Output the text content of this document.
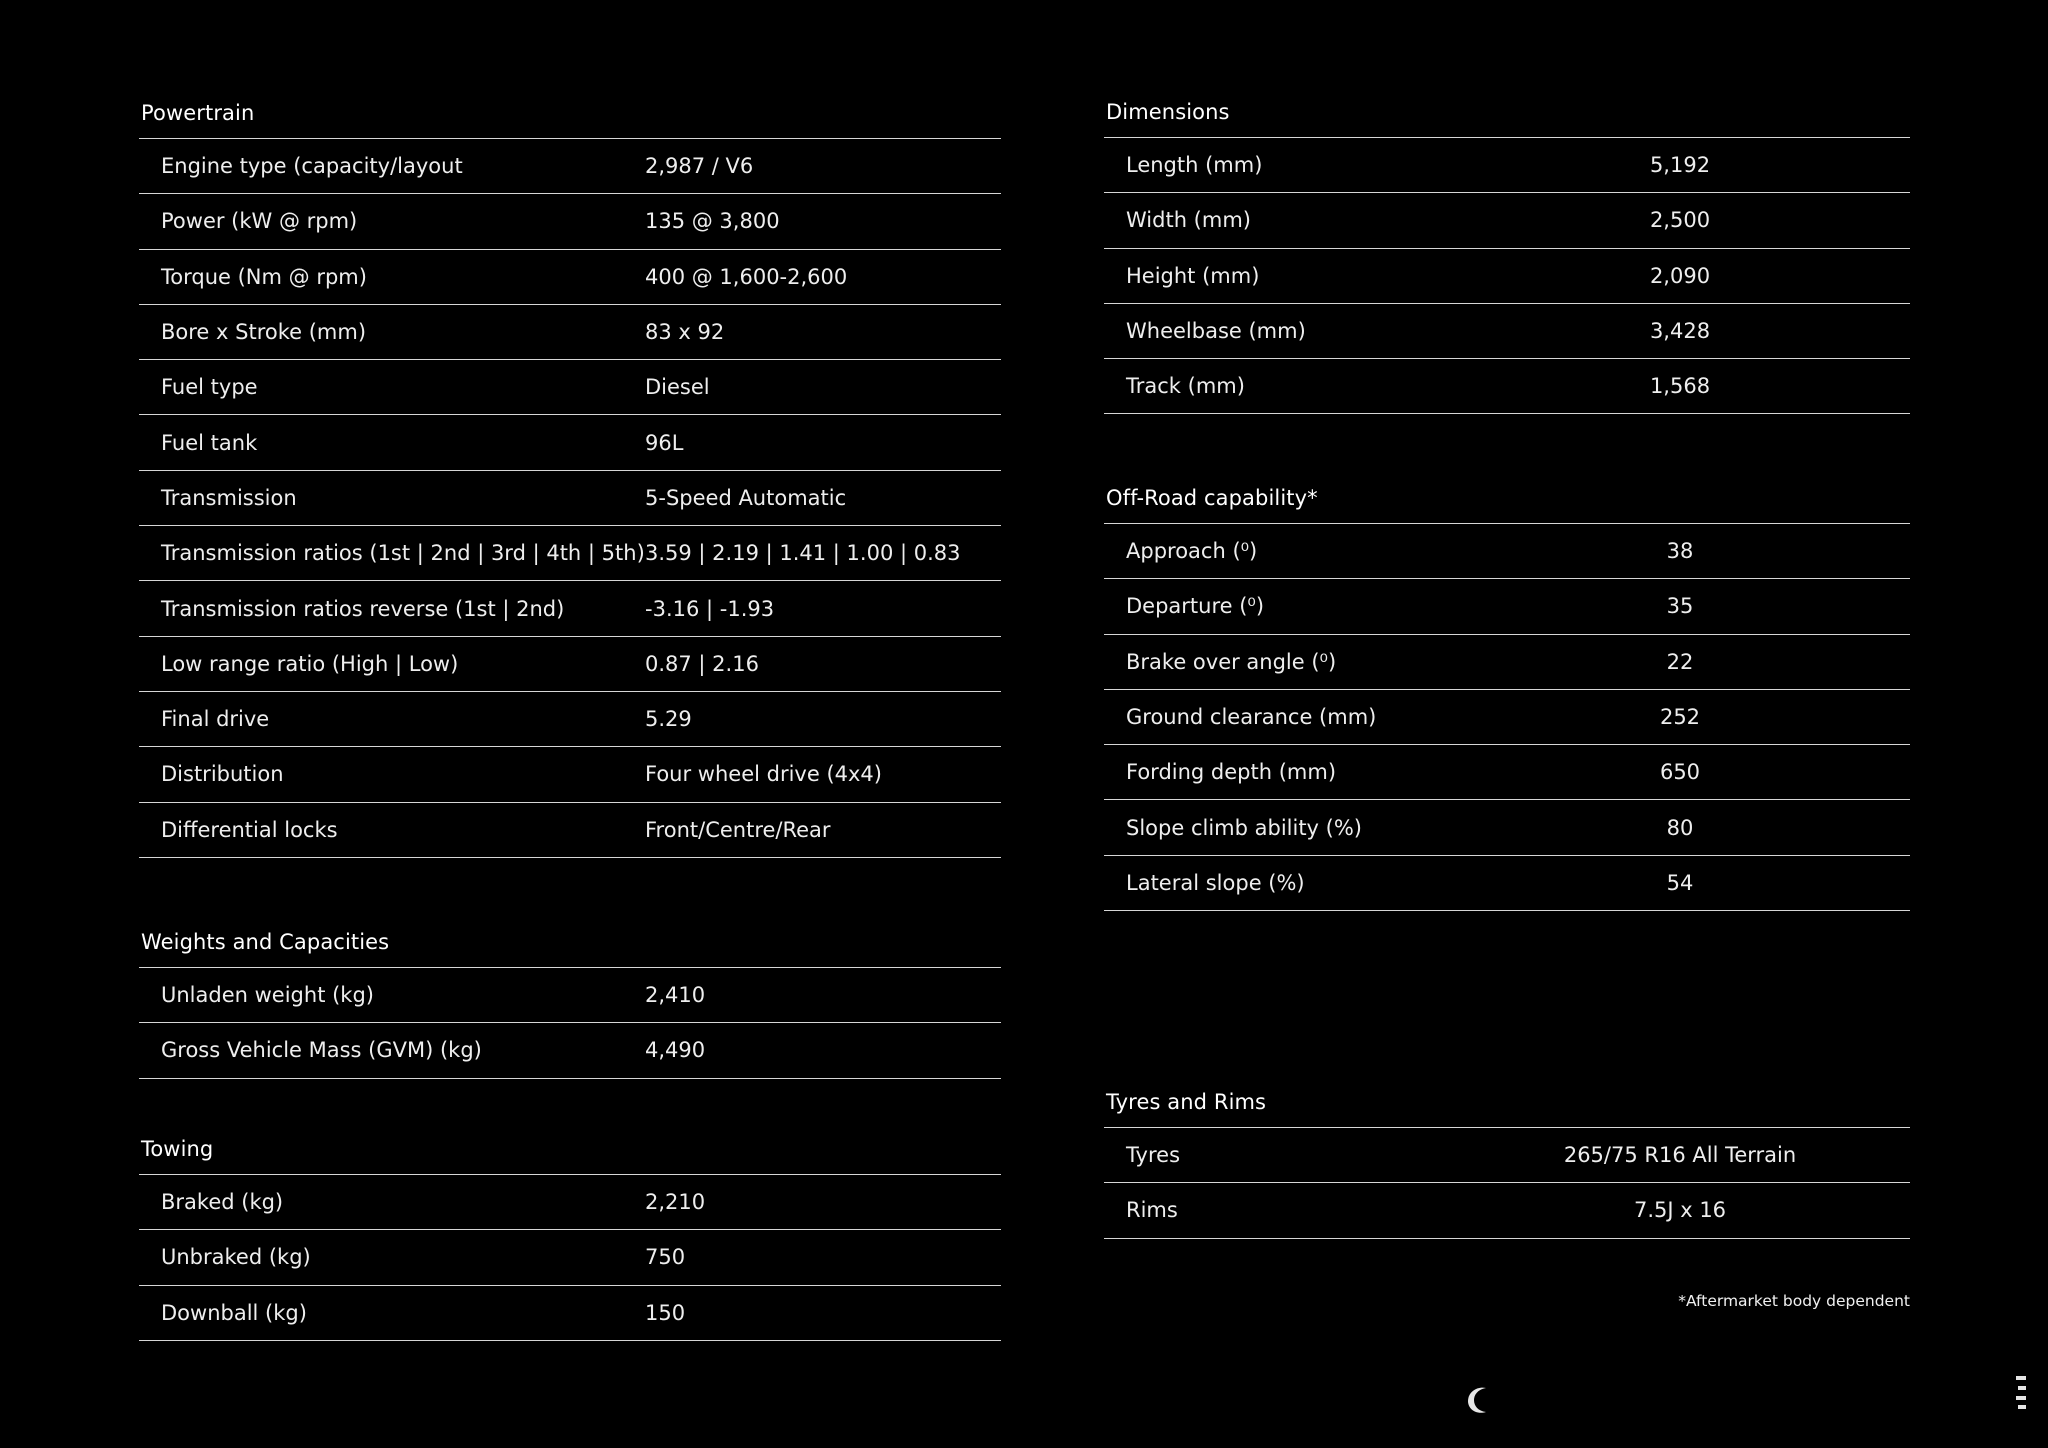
Powertrain
Engine type (capacity/layout	2,987 / V6
Power (kW @ rpm)	135 @ 3,800
Torque (Nm @ rpm)	400 @ 1,600-2,600
Bore x Stroke (mm)	83 x 92
Fuel type	Diesel
Fuel tank	96L
Transmission	5-Speed Automatic
Transmission ratios (1st | 2nd | 3rd | 4th | 5th) 3.59 | 2.19 | 1.41 | 1.00 | 0.83
Transmission ratios reverse (1st | 2nd)	-3.16 | -1.93
Low range ratio (High | Low)	0.87 | 2.16
Final drive	5.29
Distribution	Four wheel drive (4x4)
Differential locks	Front/Centre/Rear
Weights and Capacities
Unladen weight (kg)	2,410
Gross Vehicle Mass (GVM) (kg)	4,490
Towing
Braked (kg)	2,210
Unbraked (kg)	750
Downball (kg)	150
Dimensions
Length (mm)	5,192
Width (mm)	2,500
Height (mm)	2,090
Wheelbase (mm)	3,428
Track (mm)	1,568
Off-Road capability*
Approach (⁰)	38
Departure (⁰)	35
Brake over angle (⁰)	22
Ground clearance (mm)	252
Fording depth (mm)	650
Slope climb ability (%)	80
Lateral slope (%)	54
Tyres and Rims
Tyres	265/75 R16 All Terrain
Rims	7.5J x 16
*Aftermarket body dependent
